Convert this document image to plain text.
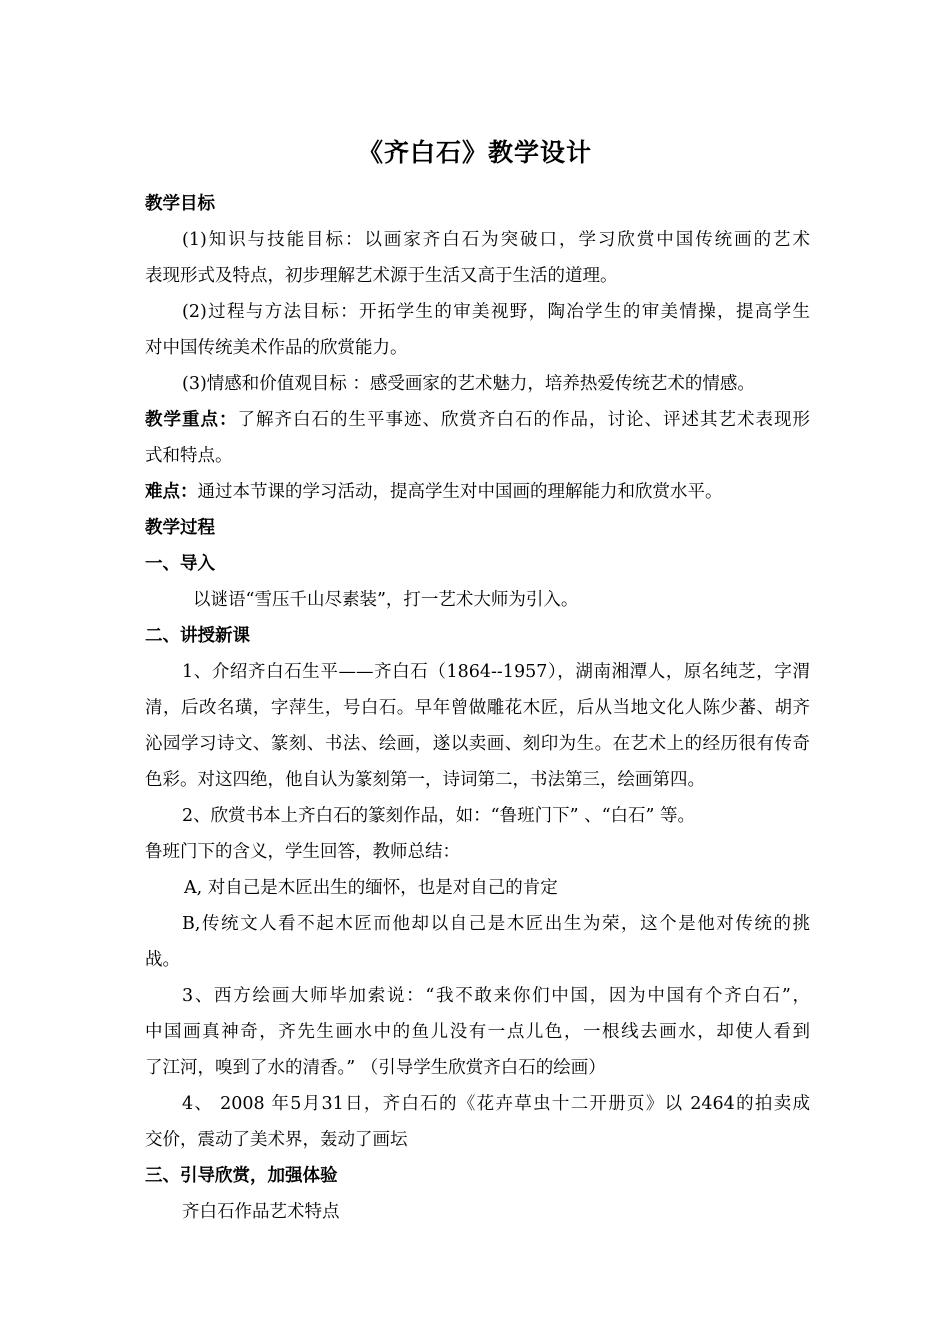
《齐白石》教学设计
教学目标
(1)知识与技能目标：以画家齐白石为突破口，学习欣赏中国传统画的艺术
表现形式及特点，初步理解艺术源于生活又高于生活的道理。
(2)过程与方法目标：开拓学生的审美视野，陶冶学生的审美情操，提高学生
对中国传统美术作品的欣赏能力。
(3)情感和价值观目标 ：感受画家的艺术魅力，培养热爱传统艺术的情感。
教学重点：了解齐白石的生平事迹、欣赏齐白石的作品，讨论、评述其艺术表现形
式和特点。
难点：通过本节课的学习活动，提高学生对中国画的理解能力和欣赏水平。
教学过程
一、导入
以谜语“雪压千山尽素装”，打一艺术大师为引入。
二、讲授新课
1、介绍齐白石生平——齐白石（1864--1957），湖南湘潭人，原名纯芝，字渭
清，后改名璜，字萍生，号白石。早年曾做雕花木匠，后从当地文化人陈少蕃、胡齐
沁园学习诗文、篆刻、书法、绘画，遂以卖画、刻印为生。在艺术上的经历很有传奇
色彩。对这四绝，他自认为篆刻第一，诗词第二，书法第三，绘画第四。
2、欣赏书本上齐白石的篆刻作品，如：“鲁班门下” 、“白石” 等。
鲁班门下的含义，学生回答，教师总结：
A, 对自己是木匠出生的缅怀，也是对自己的肯定
B,传统文人看不起木匠而他却以自己是木匠出生为荣，这个是他对传统的挑
战。
3、西方绘画大师毕加索说：“我不敢来你们中国，因为中国有个齐白石”，
中国画真神奇，齐先生画水中的鱼儿没有一点儿色，一根线去画水，却使人看到
了江河，嗅到了水的清香。” （引导学生欣赏齐白石的绘画）
4、 2008 年5月31日，齐白石的《花卉草虫十二开册页》以 2464的拍卖成
交价，震动了美术界，轰动了画坛
三、引导欣赏，加强体验
齐白石作品艺术特点
